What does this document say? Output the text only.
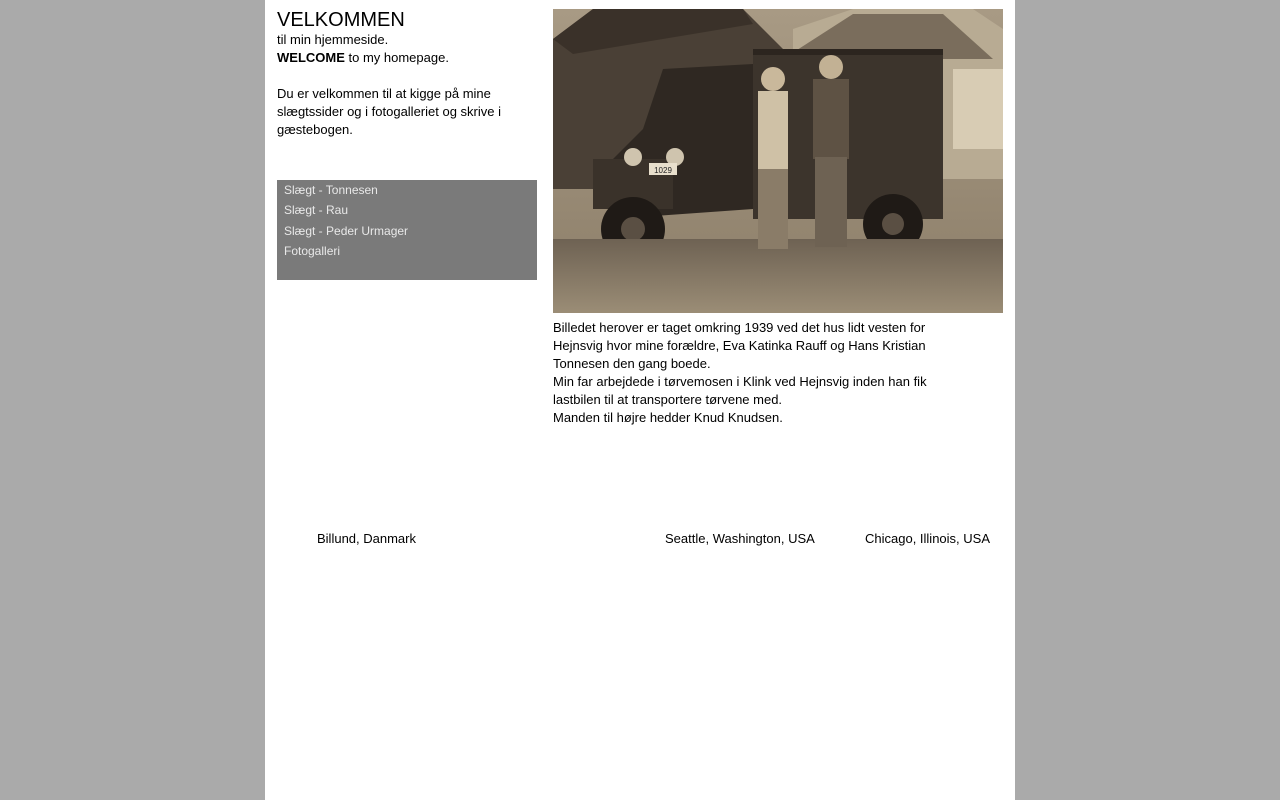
VELKOMMEN

til min hjemmeside.

WELCOME to my homepage.

Du er velkommen til at kigge på mine slægtssider og i fotogalleriet og skrive i gæstebogen.

Slægt - Tonnesen
Slægt - Rau
Slægt - Peder Urmager
Fotogalleri
1029

Billedet herover er taget omkring 1939 ved det hus lidt vesten for Hejnsvig hvor mine forældre, Eva Katinka Rauff og Hans Kristian Tonnesen den gang boede.

Min far arbejdede i tørvemosen i Klink ved Hejnsvig inden han fik lastbilen til at transportere tørvene med.

Manden til højre hedder Knud Knudsen.

Billund, Danmark	Seattle, Washington, USA	Chicago, Illinois, USA
